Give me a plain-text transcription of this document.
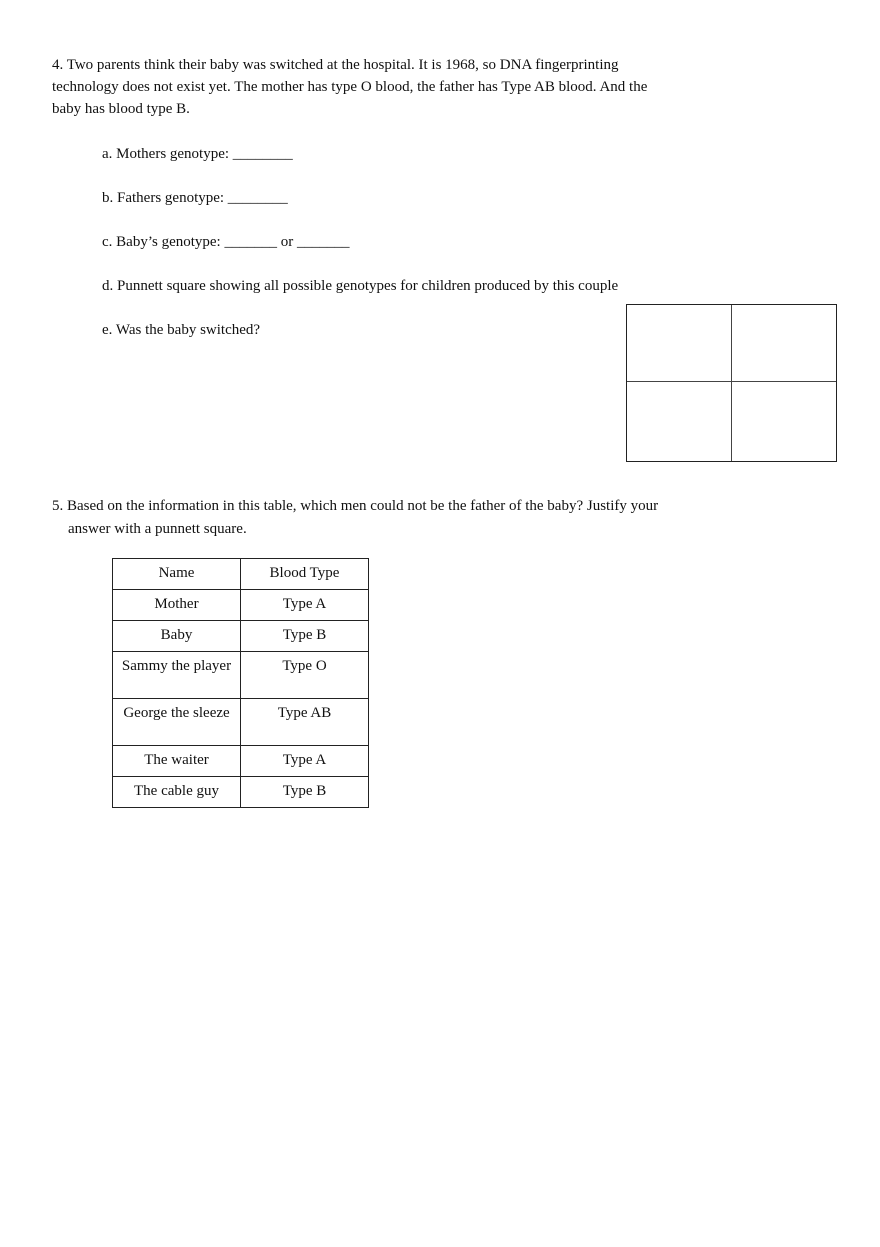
4. Two parents think their baby was switched at the hospital. It is 1968, so DNA fingerprinting
technology does not exist yet. The mother has type O blood, the father has Type AB blood. And the
baby has blood type B.
a. Mothers genotype: ________
b. Fathers genotype: ________
c. Baby’s genotype: _______ or _______
d. Punnett square showing all possible genotypes for children produced by this couple
e. Was the baby switched?
5. Based on the information in this table, which men could not be the father of the baby? Justify your
answer with a punnett square.
Name	Blood Type
Mother	Type A
Baby	Type B
Sammy the player	Type O
George the sleeze	Type AB
The waiter	Type A
The cable guy	Type B
